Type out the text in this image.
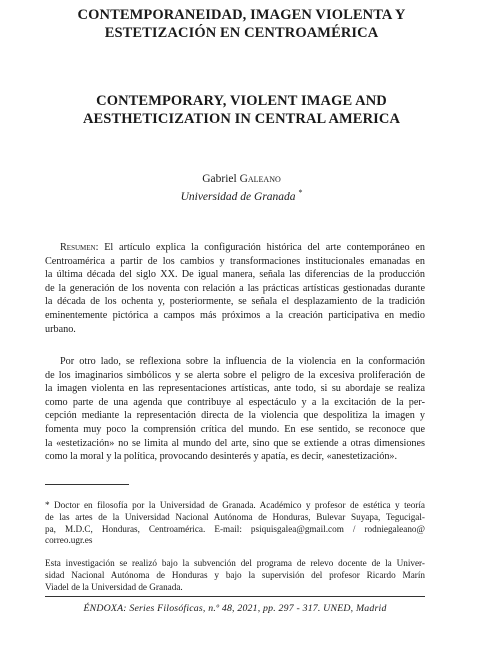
CONTEMPORANEIDAD, IMAGEN VIOLENTA Y
ESTETIZACIÓN EN CENTROAMÉRICA
CONTEMPORARY, VIOLENT IMAGE AND
AESTHETICIZATION IN CENTRAL AMERICA
Gabriel Galeano
Universidad de Granada *
Resumen: El artículo explica la configuración histórica del arte contemporáneo en
Centroamérica a partir de los cambios y transformaciones institucionales emanadas en
la última década del siglo XX. De igual manera, señala las diferencias de la producción
de la generación de los noventa con relación a las prácticas artísticas gestionadas durante
la década de los ochenta y, posteriormente, se señala el desplazamiento de la tradición
eminentemente pictórica a campos más próximos a la creación participativa en medio
urbano.
Por otro lado, se reflexiona sobre la influencia de la violencia en la conformación
de los imaginarios simbólicos y se alerta sobre el peligro de la excesiva proliferación de
la imagen violenta en las representaciones artísticas, ante todo, si su abordaje se realiza
como parte de una agenda que contribuye al espectáculo y a la excitación de la per-
cepción mediante la representación directa de la violencia que despolitiza la imagen y
fomenta muy poco la comprensión crítica del mundo. En ese sentido, se reconoce que
la «estetización» no se limita al mundo del arte, sino que se extiende a otras dimensiones
como la moral y la política, provocando desinterés y apatía, es decir, «anestetización».
* Doctor en filosofía por la Universidad de Granada. Académico y profesor de estética y teoría
de las artes de la Universidad Nacional Autónoma de Honduras, Bulevar Suyapa, Tegucigal-
pa, M.D.C, Honduras, Centroamérica. E-mail: psiquisgalea@gmail.com / rodniegaleano@
correo.ugr.es
Esta investigación se realizó bajo la subvención del programa de relevo docente de la Univer-
sidad Nacional Autónoma de Honduras y bajo la supervisión del profesor Ricardo Marín
Viadel de la Universidad de Granada.
ÉNDOXA: Series Filosóficas, n.º 48, 2021, pp. 297 - 317. UNED, Madrid
